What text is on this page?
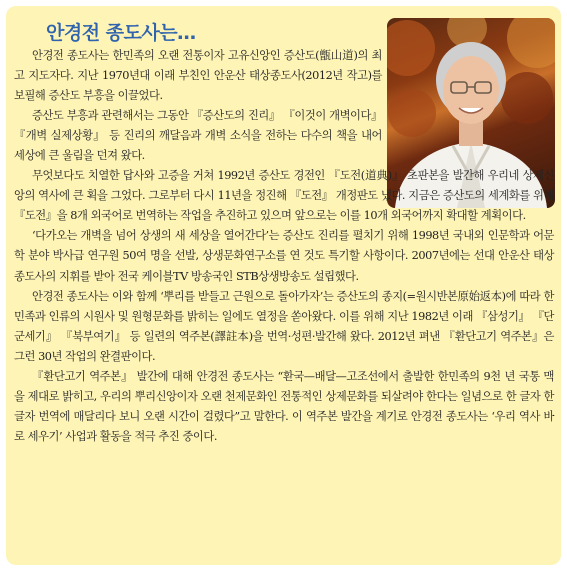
안경전 종도사는…

안경전 종도사는 한민족의 오랜 전통이자 고유신앙인 증산도(甑山道)의 최고 지도자다. 지난 1970년대 이래 부친인 안운산 태상종도사(2012년 작고)를 보필해 증산도 부흥을 이끌었다.

증산도 부흥과 관련해서는 그동안 『증산도의 진리』 『이것이 개벽이다』 『개벽 실제상황』 등 진리의 깨달음과 개벽 소식을 전하는 다수의 책을 내어 세상에 큰 울림을 던져 왔다.

무엇보다도 치열한 답사와 고증을 거쳐 1992년 증산도 경전인 『도전(道典)』 초판본을 발간해 우리네 상제신앙의 역사에 큰 획을 그었다. 그로부터 다시 11년을 정진해 『도전』 개정판도 냈다. 지금은 증산도의 세계화를 위해 『도전』을 8개 외국어로 번역하는 작업을 추진하고 있으며 앞으로는 이를 10개 외국어까지 확대할 계획이다.

‘다가오는 개벽을 넘어 상생의 새 세상을 열어간다’는 증산도 진리를 펼치기 위해 1998년 국내외 인문학과 어문학 분야 박사급 연구원 50여 명을 선발, 상생문화연구소를 연 것도 특기할 사항이다. 2007년에는 선대 안운산 태상종도사의 지휘를 받아 전국 케이블TV 방송국인 STB상생방송도 설립했다.

안경전 종도사는 이와 함께 ‘뿌리를 받들고 근원으로 돌아가자’는 증산도의 종지(=원시반본原始返本)에 따라 한민족과 인류의 시원사 및 원형문화를 밝히는 일에도 열정을 쏟아왔다. 이를 위해 지난 1982년 이래 『삼성기』 『단군세기』 『북부여기』 등 일련의 역주본(譯註本)을 번역·성편·발간해 왔다. 2012년 펴낸 『환단고기 역주본』은 그런 30년 작업의 완결판이다.

『환단고기 역주본』 발간에 대해 안경전 종도사는 “환국—배달—고조선에서 출발한 한민족의 9천 년 국통 맥을 제대로 밝히고, 우리의 뿌리신앙이자 오랜 천제문화인 전통적인 상제문화를 되살려야 한다는 일념으로 한 글자 한 글자 번역에 매달리다 보니 오랜 시간이 걸렸다”고 말한다. 이 역주본 발간을 계기로 안경전 종도사는 ‘우리 역사 바로 세우기’ 사업과 활동을 적극 추진 중이다.
